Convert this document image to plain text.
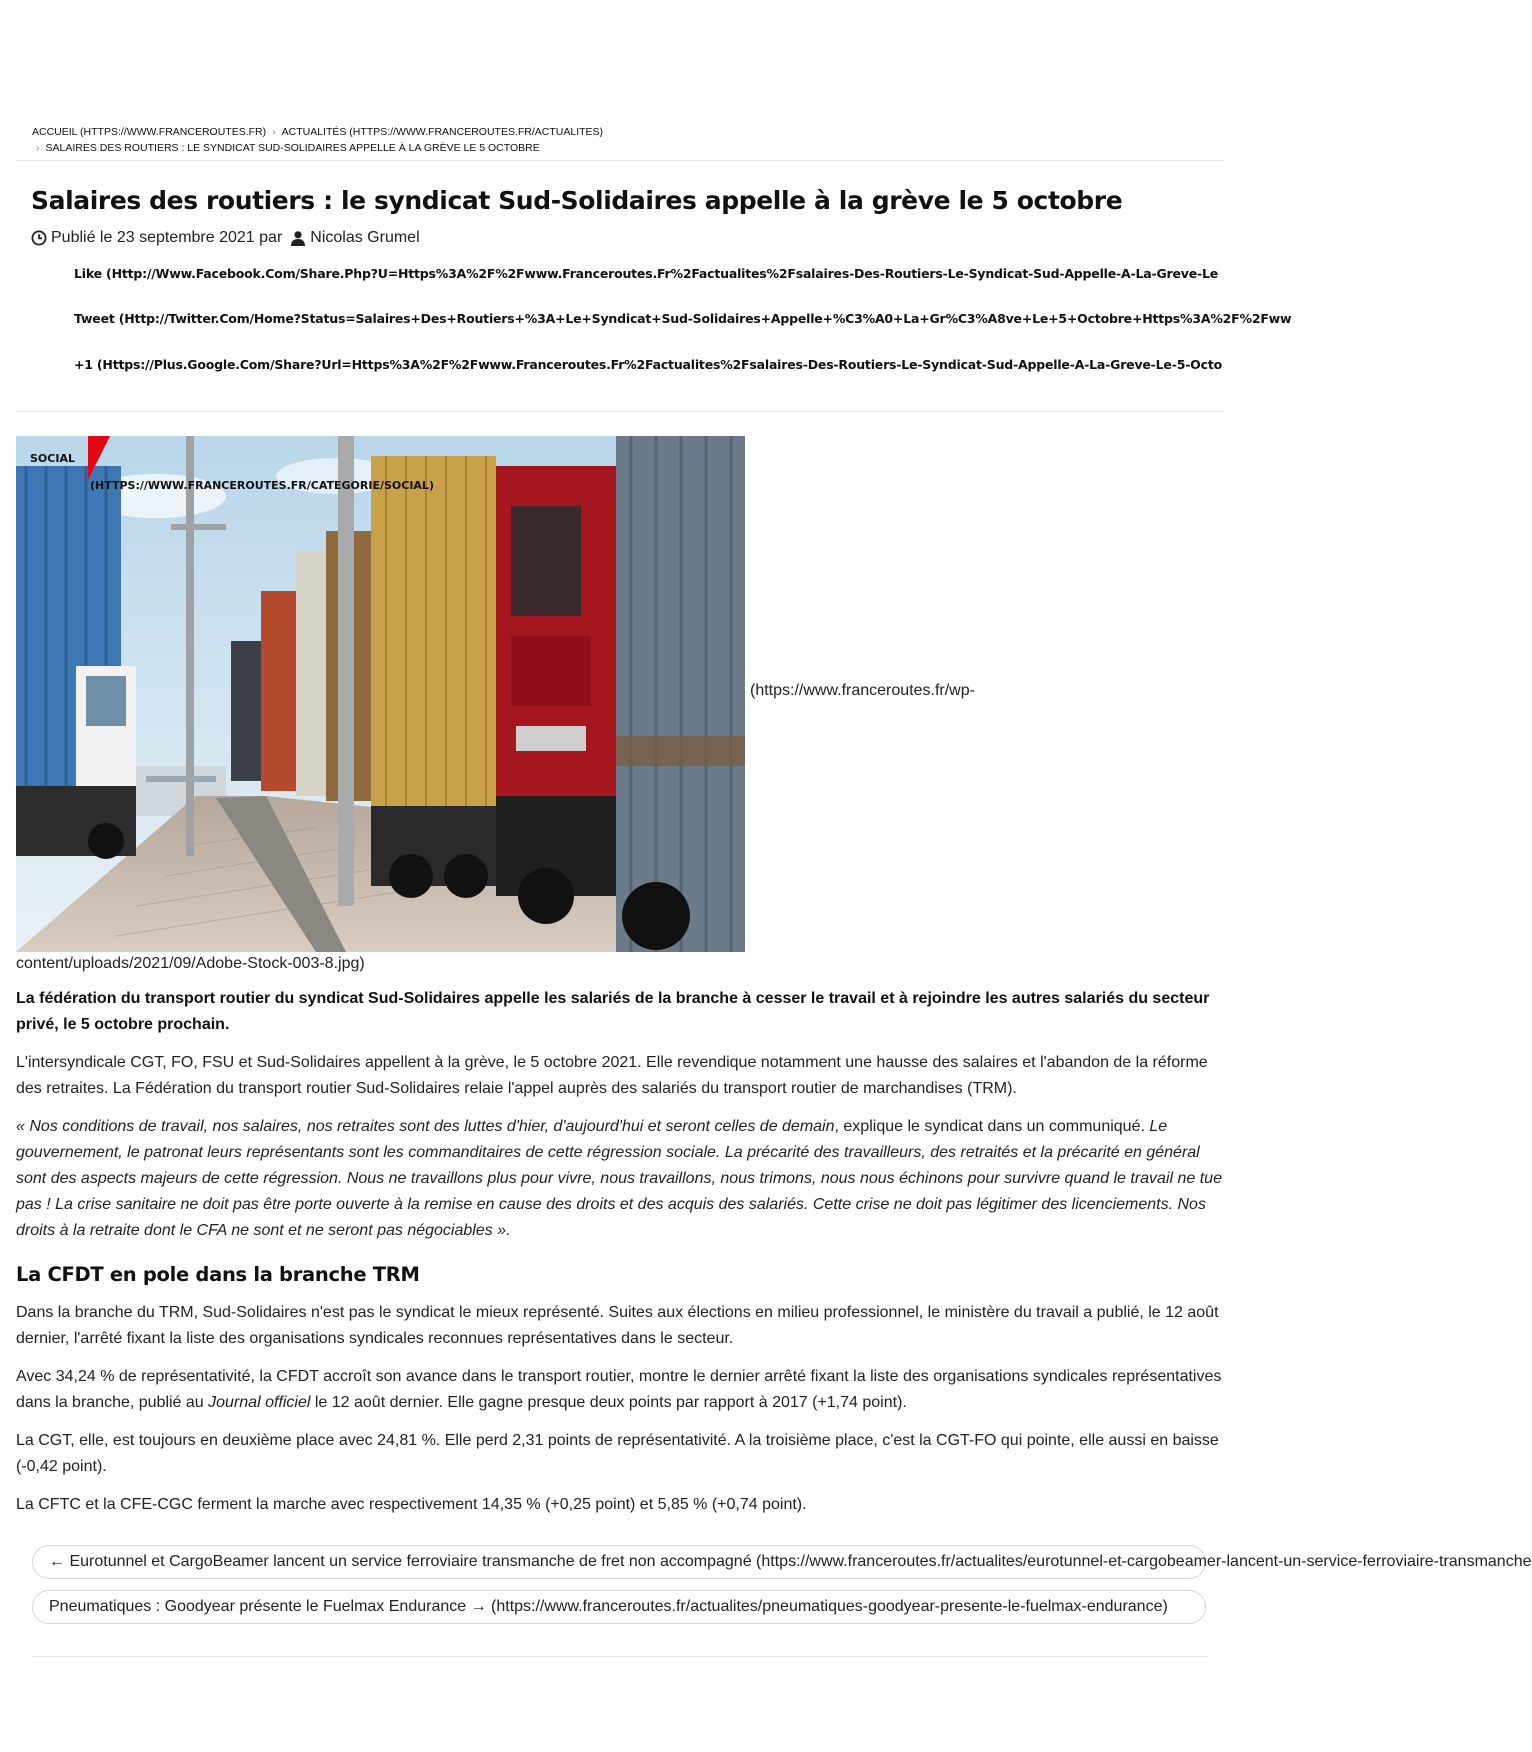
ACCUEIL (HTTPS://WWW.FRANCEROUTES.FR) › ACTUALITÉS (HTTPS://WWW.FRANCEROUTES.FR/ACTUALITES)
› SALAIRES DES ROUTIERS : LE SYNDICAT SUD-SOLIDAIRES APPELLE À LA GRÈVE LE 5 OCTOBRE
Salaires des routiers : le syndicat Sud-Solidaires appelle à la grève le 5 octobre
Publié le 23 septembre 2021 par Nicolas Grumel
Like (Http://Www.Facebook.Com/Share.Php?U=Https%3A%2F%2Fwww.Franceroutes.Fr%2Factualites%2Fsalaires-Des-Routiers-Le-Syndicat-Sud-Appelle-A-La-Greve-Le
Tweet (Http://Twitter.Com/Home?Status=Salaires+Des+Routiers+%3A+Le+Syndicat+Sud-Solidaires+Appelle+%C3%A0+La+Gr%C3%A8ve+Le+5+Octobre+Https%3A%2F%2Fww
+1 (Https://Plus.Google.Com/Share?Url=Https%3A%2F%2Fwww.Franceroutes.Fr%2Factualites%2Fsalaires-Des-Routiers-Le-Syndicat-Sud-Appelle-A-La-Greve-Le-5-Octo
SOCIAL
(HTTPS://WWW.FRANCEROUTES.FR/CATEGORIE/SOCIAL)
(https://www.franceroutes.fr/wp-
content/uploads/2021/09/Adobe-Stock-003-8.jpg)

La fédération du transport routier du syndicat Sud-Solidaires appelle les salariés de la branche à cesser le travail et à rejoindre les autres salariés du secteur privé, le 5 octobre prochain.

L'intersyndicale CGT, FO, FSU et Sud-Solidaires appellent à la grève, le 5 octobre 2021. Elle revendique notamment une hausse des salaires et l'abandon de la réforme des retraites. La Fédération du transport routier Sud-Solidaires relaie l'appel auprès des salariés du transport routier de marchandises (TRM).

« Nos conditions de travail, nos salaires, nos retraites sont des luttes d'hier, d'aujourd'hui et seront celles de demain, explique le syndicat dans un communiqué. Le gouvernement, le patronat leurs représentants sont les commanditaires de cette régression sociale. La précarité des travailleurs, des retraités et la précarité en général sont des aspects majeurs de cette régression. Nous ne travaillons plus pour vivre, nous travaillons, nous trimons, nous nous échinons pour survivre quand le travail ne tue pas ! La crise sanitaire ne doit pas être porte ouverte à la remise en cause des droits et des acquis des salariés. Cette crise ne doit pas légitimer des licenciements. Nos droits à la retraite dont le CFA ne sont et ne seront pas négociables ».

La CFDT en pole dans la branche TRM

Dans la branche du TRM, Sud-Solidaires n'est pas le syndicat le mieux représenté. Suites aux élections en milieu professionnel, le ministère du travail a publié, le 12 août dernier, l'arrêté fixant la liste des organisations syndicales reconnues représentatives dans le secteur.

Avec 34,24 % de représentativité, la CFDT accroît son avance dans le transport routier, montre le dernier arrêté fixant la liste des organisations syndicales représentatives dans la branche, publié au Journal officiel le 12 août dernier. Elle gagne presque deux points par rapport à 2017 (+1,74 point).

La CGT, elle, est toujours en deuxième place avec 24,81 %. Elle perd 2,31 points de représentativité. A la troisième place, c'est la CGT-FO qui pointe, elle aussi en baisse (-0,42 point).

La CFTC et la CFE-CGC ferment la marche avec respectivement 14,35 % (+0,25 point) et 5,85 % (+0,74 point).

← Eurotunnel et CargoBeamer lancent un service ferroviaire transmanche de fret non accompagné (https://www.franceroutes.fr/actualites/eurotunnel-et-cargobeamer-lancent-un-service-ferroviaire-transmanche
Pneumatiques : Goodyear présente le Fuelmax Endurance → (https://www.franceroutes.fr/actualites/pneumatiques-goodyear-presente-le-fuelmax-endurance)
